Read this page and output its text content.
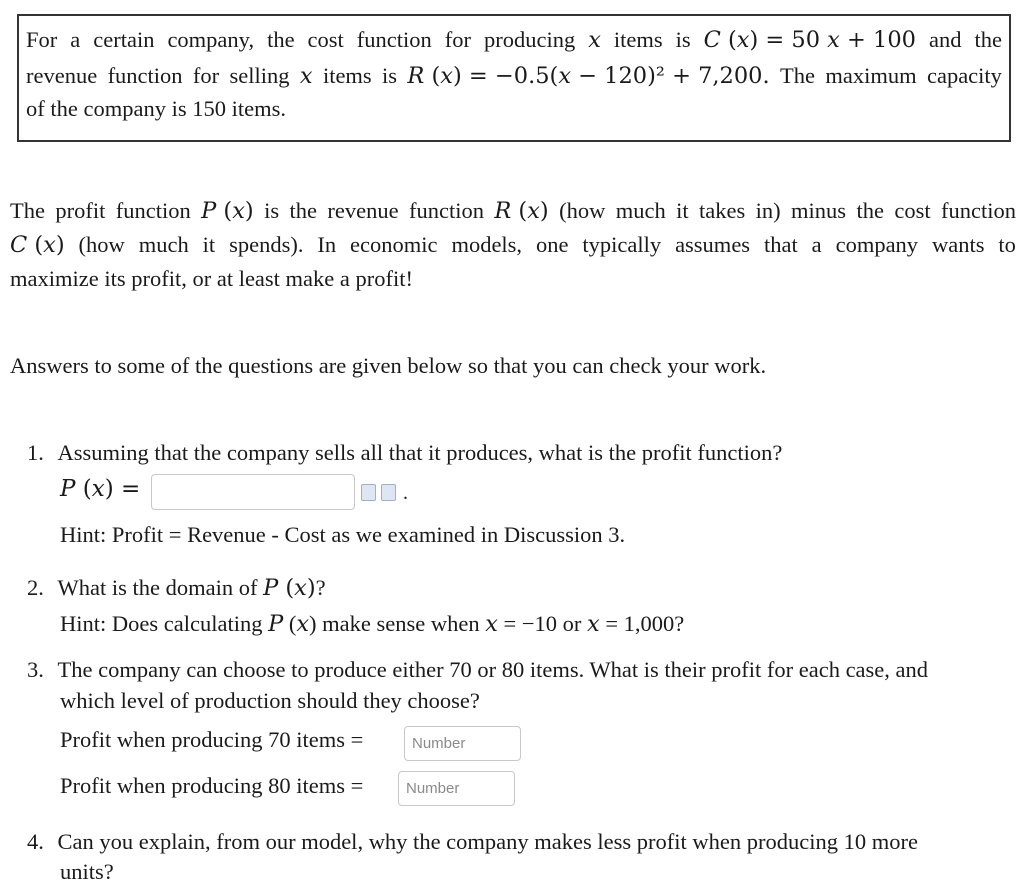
For a certain company, the cost function for producing 𝑥 items is 𝐶 (𝑥) = 50 𝑥 + 100 and the
revenue function for selling 𝑥 items is 𝑅 (𝑥) = −0.5(𝑥 − 120)² + 7,200. The maximum capacity
of the company is 150 items.
The profit function 𝑃 (𝑥) is the revenue function 𝑅 (𝑥) (how much it takes in) minus the cost function
𝐶 (𝑥) (how much it spends). In economic models, one typically assumes that a company wants to
maximize its profit, or at least make a profit!
Answers to some of the questions are given below so that you can check your work.
1. Assuming that the company sells all that it produces, what is the profit function?
𝑃 (𝑥) =	.
Hint: Profit = Revenue - Cost as we examined in Discussion 3.
2. What is the domain of 𝑃 (𝑥)?
Hint: Does calculating 𝑃 (𝑥) make sense when 𝑥 = −10 or 𝑥 = 1,000?
3. The company can choose to produce either 70 or 80 items. What is their profit for each case, and
which level of production should they choose?
Profit when producing 70 items =	Number
Profit when producing 80 items =	Number
4. Can you explain, from our model, why the company makes less profit when producing 10 more
units?
